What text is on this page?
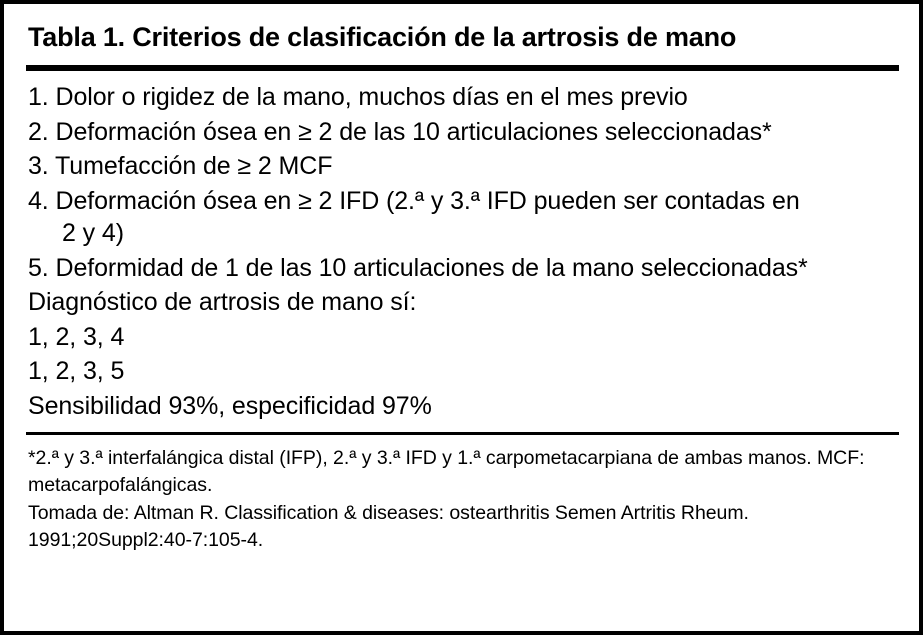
Tabla 1. Criterios de clasificación de la artrosis de mano
1. Dolor o rigidez de la mano, muchos días en el mes previo
2. Deformación ósea en ≥ 2 de las 10 articulaciones seleccionadas*
3. Tumefacción de ≥ 2 MCF
4. Deformación ósea en ≥ 2 IFD (2.ª y 3.ª IFD pueden ser contadas en
2 y 4)
5. Deformidad de 1 de las 10 articulaciones de la mano seleccionadas*
Diagnóstico de artrosis de mano sí:
1, 2, 3, 4
1, 2, 3, 5
Sensibilidad 93%, especificidad 97%
*2.ª y 3.ª interfalángica distal (IFP), 2.ª y 3.ª IFD y 1.ª carpometacarpiana de ambas manos. MCF: metacarpofalángicas.
Tomada de: Altman R. Classification & diseases: ostearthritis Semen Artritis Rheum. 1991;20Suppl2:40-7:105-4.
